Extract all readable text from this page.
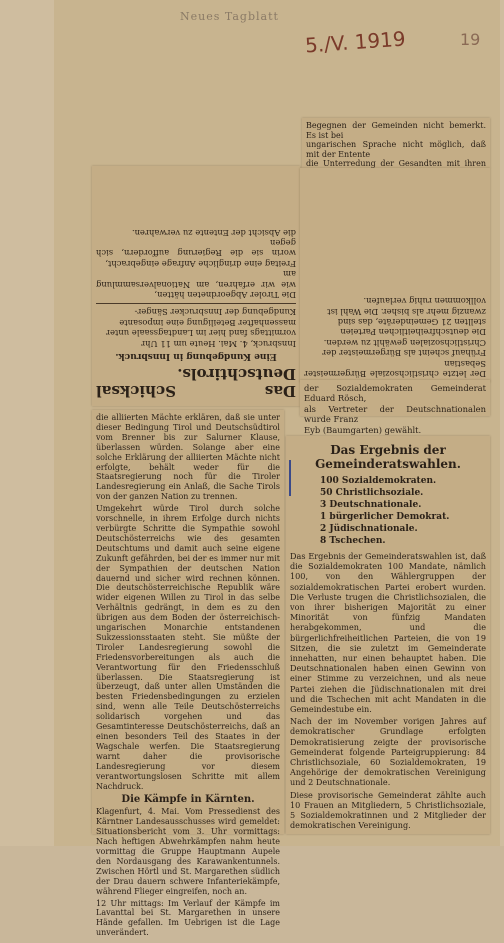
Neues Tagblatt
5./V. 1919	19
Begegnen der Gemeinden nicht bemerkt. Es ist bei
ungarischen Sprache nicht möglich, daß mit der Entente
die Unterredung der Gesandten mit ihren
Das Schicksal Deutschtirols.
Eine Kundgebung in Innsbruck.
Innsbruck, 4. Mai. Heute um 11 Uhr
vormittags fand hier im Landtagssaale unter
massenhafter Beteiligung eine imposante
Kundgebung der Innsbrucker Sänger-
Die Tiroler Abgeordneten hätten,
wie wir erfahren, am Nationalversammlung am
Freitag eine dringliche Anfrage eingebracht,
worin sie die Regierung auffordern, sich gegen
die Absicht der Entente zu verwahren.
Der letzte christlichsoziale Bürgermeister Sebastian
Frühauf scheint als Bürgermeister der
Christlichsozialen gewählt zu werden.
Die deutschfreiheitlichen Parteien
stellten 21 Gemeinderäte, das sind
zwanzig mehr als bisher. Die Wahl ist
vollkommen ruhig verlaufen.
der Sozialdemokraten Gemeinderat Eduard Rösch,
als Vertreter der Deutschnationalen wurde Franz
Eyb (Baumgarten) gewählt.
Das Ergebnis der Gemeinderatswahlen.
100 Sozialdemokraten.
50 Christlichsoziale.
3 Deutschnationale.
1 bürgerlicher Demokrat.
2 Jüdischnationale.
8 Tschechen.

Das Ergebnis der Gemeinderatswahlen ist, daß die Sozialdemokraten 100 Mandate, nämlich 100, von den Wählergruppen der sozialdemokratischen Partei erobert wurden. Die Verluste trugen die Christlichsozialen, die von ihrer bisherigen Majorität zu einer Minorität von fünfzig Mandaten herabgekommen, und die bürgerlichfreiheitlichen Parteien, die von 19 Sitzen, die sie zuletzt im Gemeinderate innehatten, nur einen behauptet haben. Die Deutschnationalen haben einen Gewinn von einer Stimme zu verzeichnen, und als neue Partei ziehen die Jüdischnationalen mit drei und die Tschechen mit acht Mandaten in die Gemeindestube ein.

Nach der im November vorigen Jahres auf demokratischer Grundlage erfolgten Demokratisierung zeigte der provisorische Gemeinderat folgende Parteigruppierung: 84 Christlichsoziale, 60 Sozialdemokraten, 19 Angehörige der demokratischen Vereinigung und 2 Deutschnationale.

Diese provisorische Gemeinderat zählte auch 10 Frauen an Mitgliedern, 5 Christlichsoziale, 5 Sozialdemokratinnen und 2 Mitglieder der demokratischen Vereinigung.

die alliierten Mächte erklären, daß sie unter dieser Bedingung Tirol und Deutschsüdtirol vom Brenner bis zur Salurner Klause, überlassen würden. Solange aber eine solche Erklärung der alliierten Mächte nicht erfolgte, behält weder für die Staatsregierung noch für die Tiroler Landesregierung ein Anlaß, die Sache Tirols von der ganzen Nation zu trennen.

Umgekehrt würde Tirol durch solche vorschnelle, in ihrem Erfolge durch nichts verbürgte Schritte die Sympathie sowohl Deutschösterreichs wie des gesamten Deutschtums und damit auch seine eigene Zukunft gefährden, bei der es immer nur mit der Sympathien der deutschen Nation dauernd und sicher wird rechnen können. Die deutschösterreichische Republik wäre wider eigenen Willen zu Tirol in das selbe Verhältnis gedrängt, in dem es zu den übrigen aus dem Boden der österreichisch-ungarischen Monarchie entstandenen Sukzessionsstaaten steht. Sie müßte der Tiroler Landesregierung sowohl die Friedensvorbereitungen als auch die Verantwortung für den Friedensschluß überlassen. Die Staatsregierung ist überzeugt, daß unter allen Umständen die besten Friedensbedingungen zu erzielen sind, wenn alle Teile Deutschösterreichs solidarisch vorgehen und das Gesamtinteresse Deutschösterreichs, daß an einen besonders Teil des Staates in der Wagschale werfen. Die Staatsregierung warnt daher die provisorische Landesregierung vor diesem verantwortungslosen Schritte mit allem Nachdruck.

Die Kämpfe in Kärnten.

Klagenfurt, 4. Mai. Vom Pressedienst des Kärntner Landesausschusses wird gemeldet: Situationsbericht vom 3. Uhr vormittags: Nach heftigen Abwehrkämpfen nahm heute vormittag die Gruppe Hauptmann Aupele den Nordausgang des Karawankentunnels. Zwischen Hörtl und St. Margarethen südlich der Drau dauern schwere Infanteriekämpfe, während Flieger eingreifen, noch an.

12 Uhr mittags: Im Verlauf der Kämpfe im Lavanttal bei St. Margarethen in unsere Hände gefallen. Im Uebrigen ist die Lage unverändert.
